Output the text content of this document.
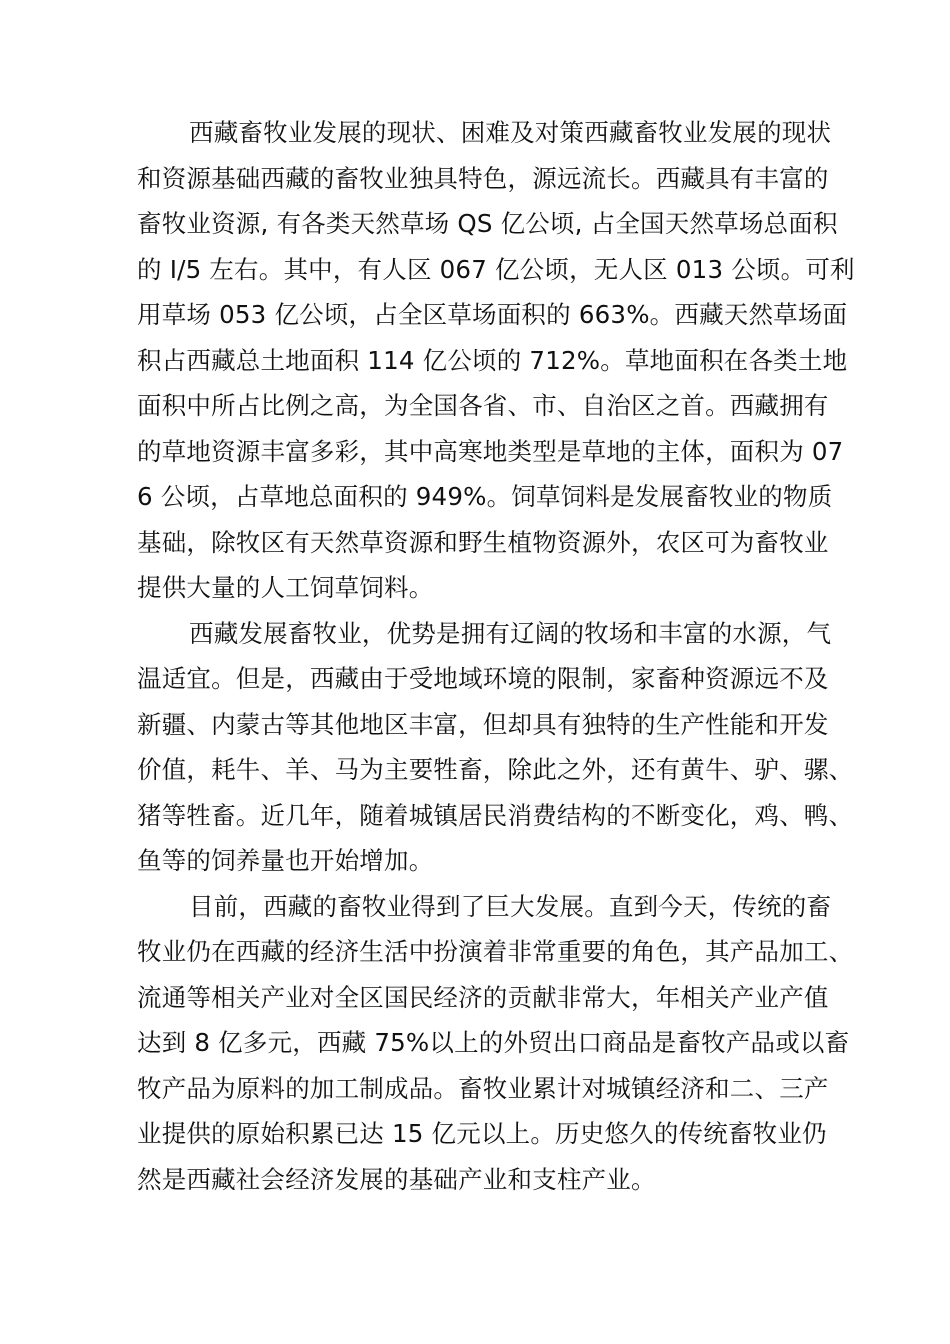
西藏畜牧业发展的现状、困难及对策西藏畜牧业发展的现状
和资源基础西藏的畜牧业独具特色，源远流长。西藏具有丰富的
畜牧业资源, 有各类天然草场 QS 亿公顷, 占全国天然草场总面积
的 I/5 左右。其中，有人区 067 亿公顷，无人区 013 公顷。可利
用草场 053 亿公顷，占全区草场面积的 663%。西藏天然草场面
积占西藏总土地面积 114 亿公顷的 712%。草地面积在各类土地
面积中所占比例之高，为全国各省、市、自治区之首。西藏拥有
的草地资源丰富多彩，其中高寒地类型是草地的主体，面积为 07
6 公顷，占草地总面积的 949%。饲草饲料是发展畜牧业的物质
基础，除牧区有天然草资源和野生植物资源外，农区可为畜牧业
提供大量的人工饲草饲料。
西藏发展畜牧业，优势是拥有辽阔的牧场和丰富的水源，气
温适宜。但是，西藏由于受地域环境的限制，家畜种资源远不及
新疆、内蒙古等其他地区丰富，但却具有独特的生产性能和开发
价值，耗牛、羊、马为主要牲畜，除此之外，还有黄牛、驴、骡、
猪等牲畜。近几年，随着城镇居民消费结构的不断变化，鸡、鸭、
鱼等的饲养量也开始增加。
目前，西藏的畜牧业得到了巨大发展。直到今天，传统的畜
牧业仍在西藏的经济生活中扮演着非常重要的角色，其产品加工、
流通等相关产业对全区国民经济的贡献非常大，年相关产业产值
达到 8 亿多元，西藏 75%以上的外贸出口商品是畜牧产品或以畜
牧产品为原料的加工制成品。畜牧业累计对城镇经济和二、三产
业提供的原始积累已达 15 亿元以上。历史悠久的传统畜牧业仍
然是西藏社会经济发展的基础产业和支柱产业。
